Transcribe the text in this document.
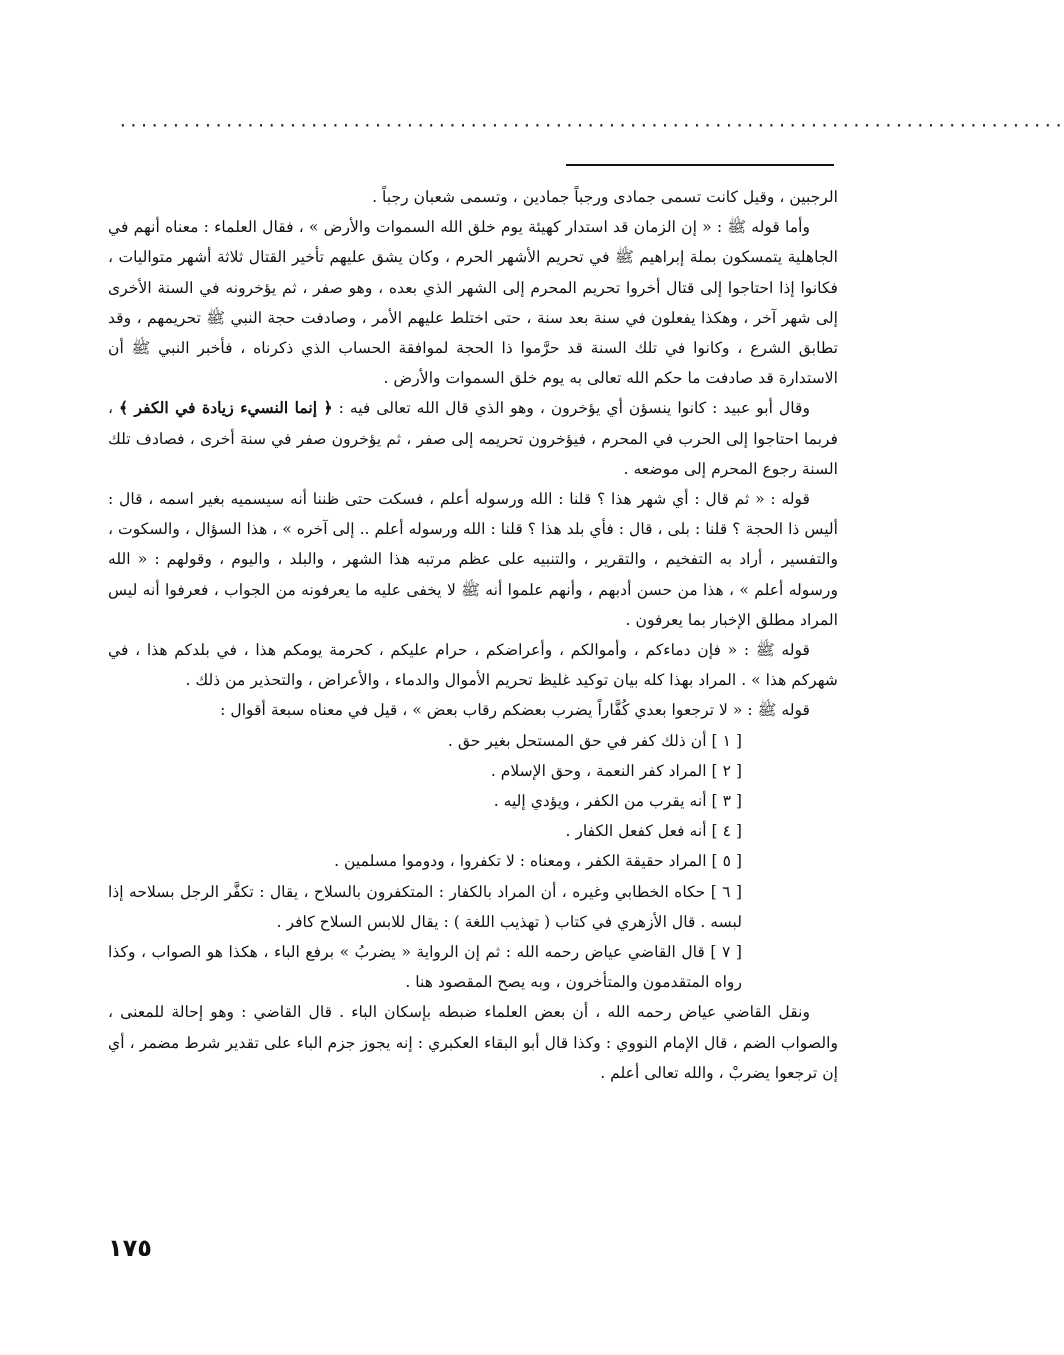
·························································································

الرجبين ، وقيل كانت تسمى جمادى ورجباً جمادين ، وتسمى شعبان رجباً .

وأما قوله ﷺ : « إن الزمان قد استدار كهيئة يوم خلق الله السموات والأرض » ، فقال العلماء : معناه أنهم في الجاهلية يتمسكون بملة إبراهيم ﷺ في تحريم الأشهر الحرم ، وكان يشق عليهم تأخير القتال ثلاثة أشهر متواليات ، فكانوا إذا احتاجوا إلى قتال أخروا تحريم المحرم إلى الشهر الذي بعده ، وهو صفر ، ثم يؤخرونه في السنة الأخرى إلى شهر آخر ، وهكذا يفعلون في سنة بعد سنة ، حتى اختلط عليهم الأمر ، وصادفت حجة النبي ﷺ تحريمهم ، وقد تطابق الشرع ، وكانوا في تلك السنة قد حرَّموا ذا الحجة لموافقة الحساب الذي ذكرناه ، فأخبر النبي ﷺ أن الاستدارة قد صادفت ما حكم الله تعالى به يوم خلق السموات والأرض .

وقال أبو عبيد : كانوا ينسؤن أي يؤخرون ، وهو الذي قال الله تعالى فيه : ﴿ إنما النسيء زيادة في الكفر ﴾ ، فربما احتاجوا إلى الحرب في المحرم ، فيؤخرون تحريمه إلى صفر ، ثم يؤخرون صفر في سنة أخرى ، فصادف تلك السنة رجوع المحرم إلى موضعه .

قوله : « ثم قال : أي شهر هذا ؟ قلنا : الله ورسوله أعلم ، فسكت حتى ظننا أنه سيسميه بغير اسمه ، قال : أليس ذا الحجة ؟ قلنا : بلى ، قال : فأي بلد هذا ؟ قلنا : الله ورسوله أعلم .. إلى آخره » ، هذا السؤال ، والسكوت ، والتفسير ، أراد به التفخيم ، والتقرير ، والتنبيه على عظم مرتبه هذا الشهر ، والبلد ، واليوم ، وقولهم : « الله ورسوله أعلم » ، هذا من حسن أدبهم ، وأنهم علموا أنه ﷺ لا يخفى عليه ما يعرفونه من الجواب ، فعرفوا أنه ليس المراد مطلق الإخبار بما يعرفون .

قوله ﷺ : « فإن دماءكم ، وأموالكم ، وأعراضكم ، حرام عليكم ، كحرمة يومكم هذا ، في بلدكم هذا ، في شهركم هذا » . المراد بهذا كله بيان توكيد غليظ تحريم الأموال والدماء ، والأعراض ، والتحذير من ذلك .

قوله ﷺ : « لا ترجعوا بعدي كُفَّاراً يضرب بعضكم رقاب بعض » ، قيل في معناه سبعة أقوال :

[ ١ ] أن ذلك كفر في حق المستحل بغير حق .

[ ٢ ] المراد كفر النعمة ، وحق الإسلام .

[ ٣ ] أنه يقرب من الكفر ، ويؤدي إليه .

[ ٤ ] أنه فعل كفعل الكفار .

[ ٥ ] المراد حقيقة الكفر ، ومعناه : لا تكفروا ، ودوموا مسلمين .

[ ٦ ] حكاه الخطابي وغيره ، أن المراد بالكفار : المتكفرون بالسلاح ، يقال : تكفَّر الرجل بسلاحه إذا لبسه . قال الأزهري في كتاب ( تهذيب اللغة ) : يقال للابس السلاح كافر .

[ ٧ ] قال القاضي عياض رحمه الله : ثم إن الرواية « يضربُ » برفع الباء ، هكذا هو الصواب ، وكذا رواه المتقدمون والمتأخرون ، وبه يصح المقصود هنا .

ونقل القاضي عياض رحمه الله ، أن بعض العلماء ضبطه بإسكان الباء . قال القاضي : وهو إحالة للمعنى ، والصواب الضم ، قال الإمام النووي : وكذا قال أبو البقاء العكبري : إنه يجوز جزم الباء على تقدير شرط مضمر ، أي إن ترجعوا يضربْ ، والله تعالى أعلم .

١٧٥
